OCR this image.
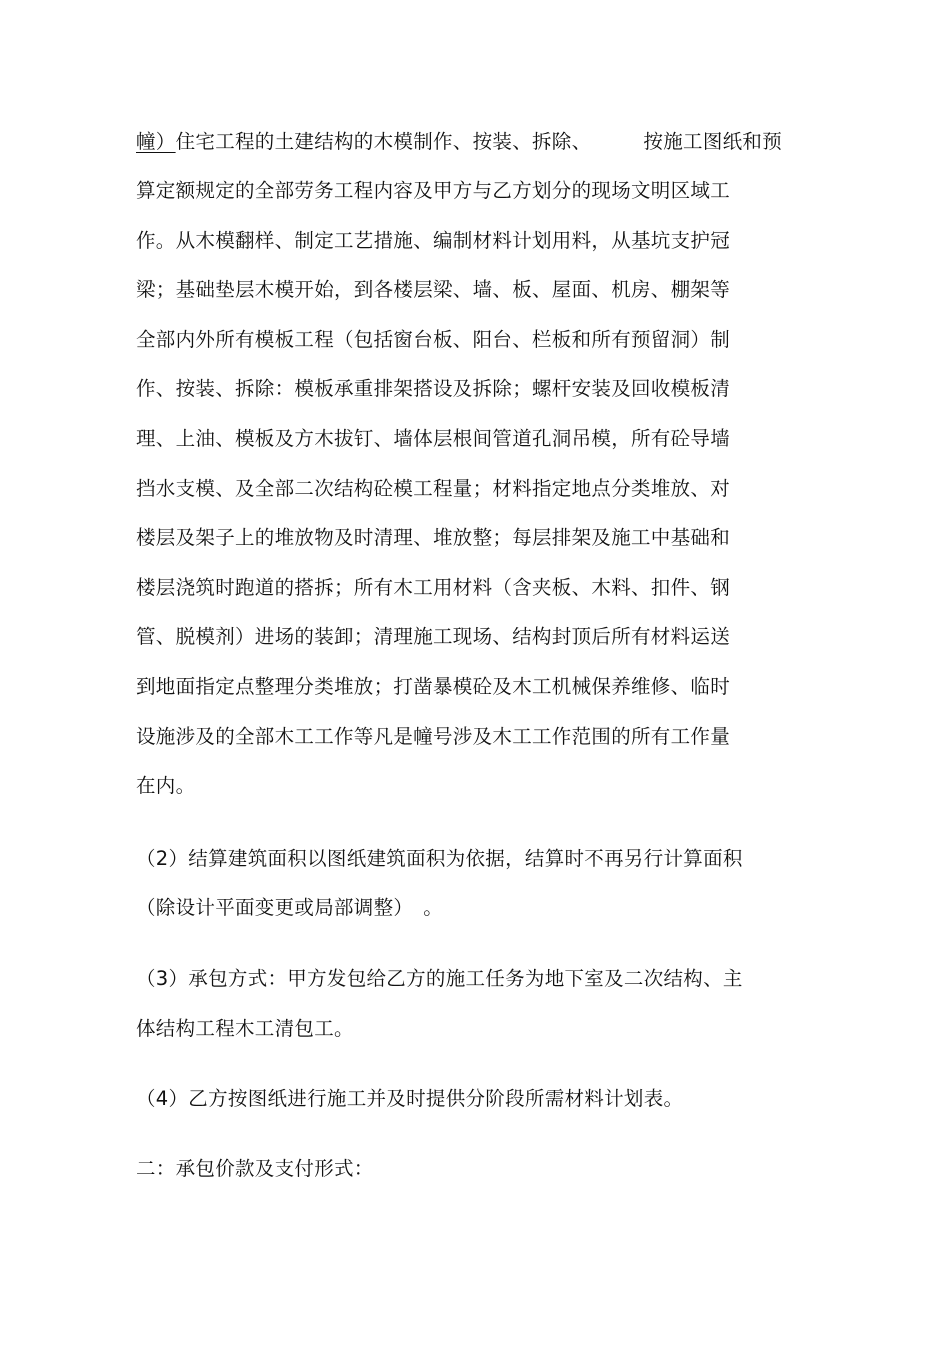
幢）住宅工程的土建结构的木模制作、按装、拆除、	按施工图纸和预
算定额规定的全部劳务工程内容及甲方与乙方划分的现场文明区域工
作。从木模翻样、制定工艺措施、编制材料计划用料，从基坑支护冠
梁；基础垫层木模开始，到各楼层梁、墙、板、屋面、机房、棚架等
全部内外所有模板工程（包括窗台板、阳台、栏板和所有预留洞）制
作、按装、拆除：模板承重排架搭设及拆除；螺杆安装及回收模板清
理、上油、模板及方木拔钉、墙体层根间管道孔洞吊模，所有砼导墙
挡水支模、及全部二次结构砼模工程量；材料指定地点分类堆放、对
楼层及架子上的堆放物及时清理、堆放整；每层排架及施工中基础和
楼层浇筑时跑道的搭拆；所有木工用材料（含夹板、木料、扣件、钢
管、脱模剂）进场的装卸；清理施工现场、结构封顶后所有材料运送
到地面指定点整理分类堆放；打凿暴模砼及木工机械保养维修、临时
设施涉及的全部木工工作等凡是幢号涉及木工工作范围的所有工作量
在内。
（2）结算建筑面积以图纸建筑面积为依据，结算时不再另行计算面积
（除设计平面变更或局部调整）　。
（3）承包方式：甲方发包给乙方的施工任务为地下室及二次结构、主
体结构工程木工清包工。
（4）乙方按图纸进行施工并及时提供分阶段所需材料计划表。
二：承包价款及支付形式：
